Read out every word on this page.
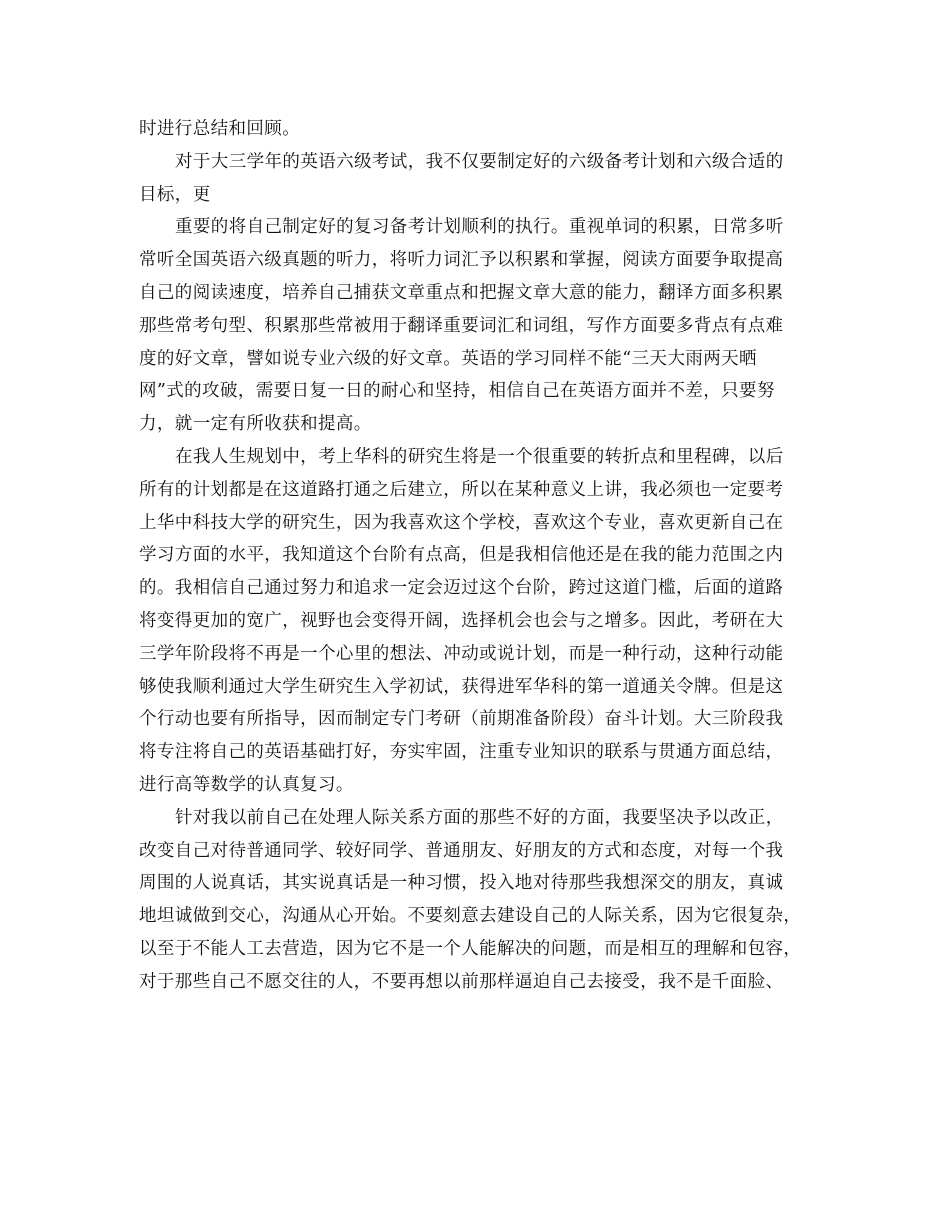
时进行总结和回顾。
对于大三学年的英语六级考试，我不仅要制定好的六级备考计划和六级合适的
目标，更
重要的将自己制定好的复习备考计划顺利的执行。重视单词的积累，日常多听
常听全国英语六级真题的听力，将听力词汇予以积累和掌握，阅读方面要争取提高
自己的阅读速度，培养自己捕获文章重点和把握文章大意的能力，翻译方面多积累
那些常考句型、积累那些常被用于翻译重要词汇和词组，写作方面要多背点有点难
度的好文章，譬如说专业六级的好文章。英语的学习同样不能“三天大雨两天晒
网”式的攻破，需要日复一日的耐心和坚持，相信自己在英语方面并不差，只要努
力，就一定有所收获和提高。
在我人生规划中，考上华科的研究生将是一个很重要的转折点和里程碑，以后
所有的计划都是在这道路打通之后建立，所以在某种意义上讲，我必须也一定要考
上华中科技大学的研究生，因为我喜欢这个学校，喜欢这个专业，喜欢更新自己在
学习方面的水平，我知道这个台阶有点高，但是我相信他还是在我的能力范围之内
的。我相信自己通过努力和追求一定会迈过这个台阶，跨过这道门槛，后面的道路
将变得更加的宽广，视野也会变得开阔，选择机会也会与之增多。因此，考研在大
三学年阶段将不再是一个心里的想法、冲动或说计划，而是一种行动，这种行动能
够使我顺利通过大学生研究生入学初试，获得进军华科的第一道通关令牌。但是这
个行动也要有所指导，因而制定专门考研（前期准备阶段）奋斗计划。大三阶段我
将专注将自己的英语基础打好，夯实牢固，注重专业知识的联系与贯通方面总结，
进行高等数学的认真复习。
针对我以前自己在处理人际关系方面的那些不好的方面，我要坚决予以改正，
改变自己对待普通同学、较好同学、普通朋友、好朋友的方式和态度，对每一个我
周围的人说真话，其实说真话是一种习惯，投入地对待那些我想深交的朋友，真诚
地坦诚做到交心，沟通从心开始。不要刻意去建设自己的人际关系，因为它很复杂，
以至于不能人工去营造，因为它不是一个人能解决的问题，而是相互的理解和包容，
对于那些自己不愿交往的人，不要再想以前那样逼迫自己去接受，我不是千面脸、
